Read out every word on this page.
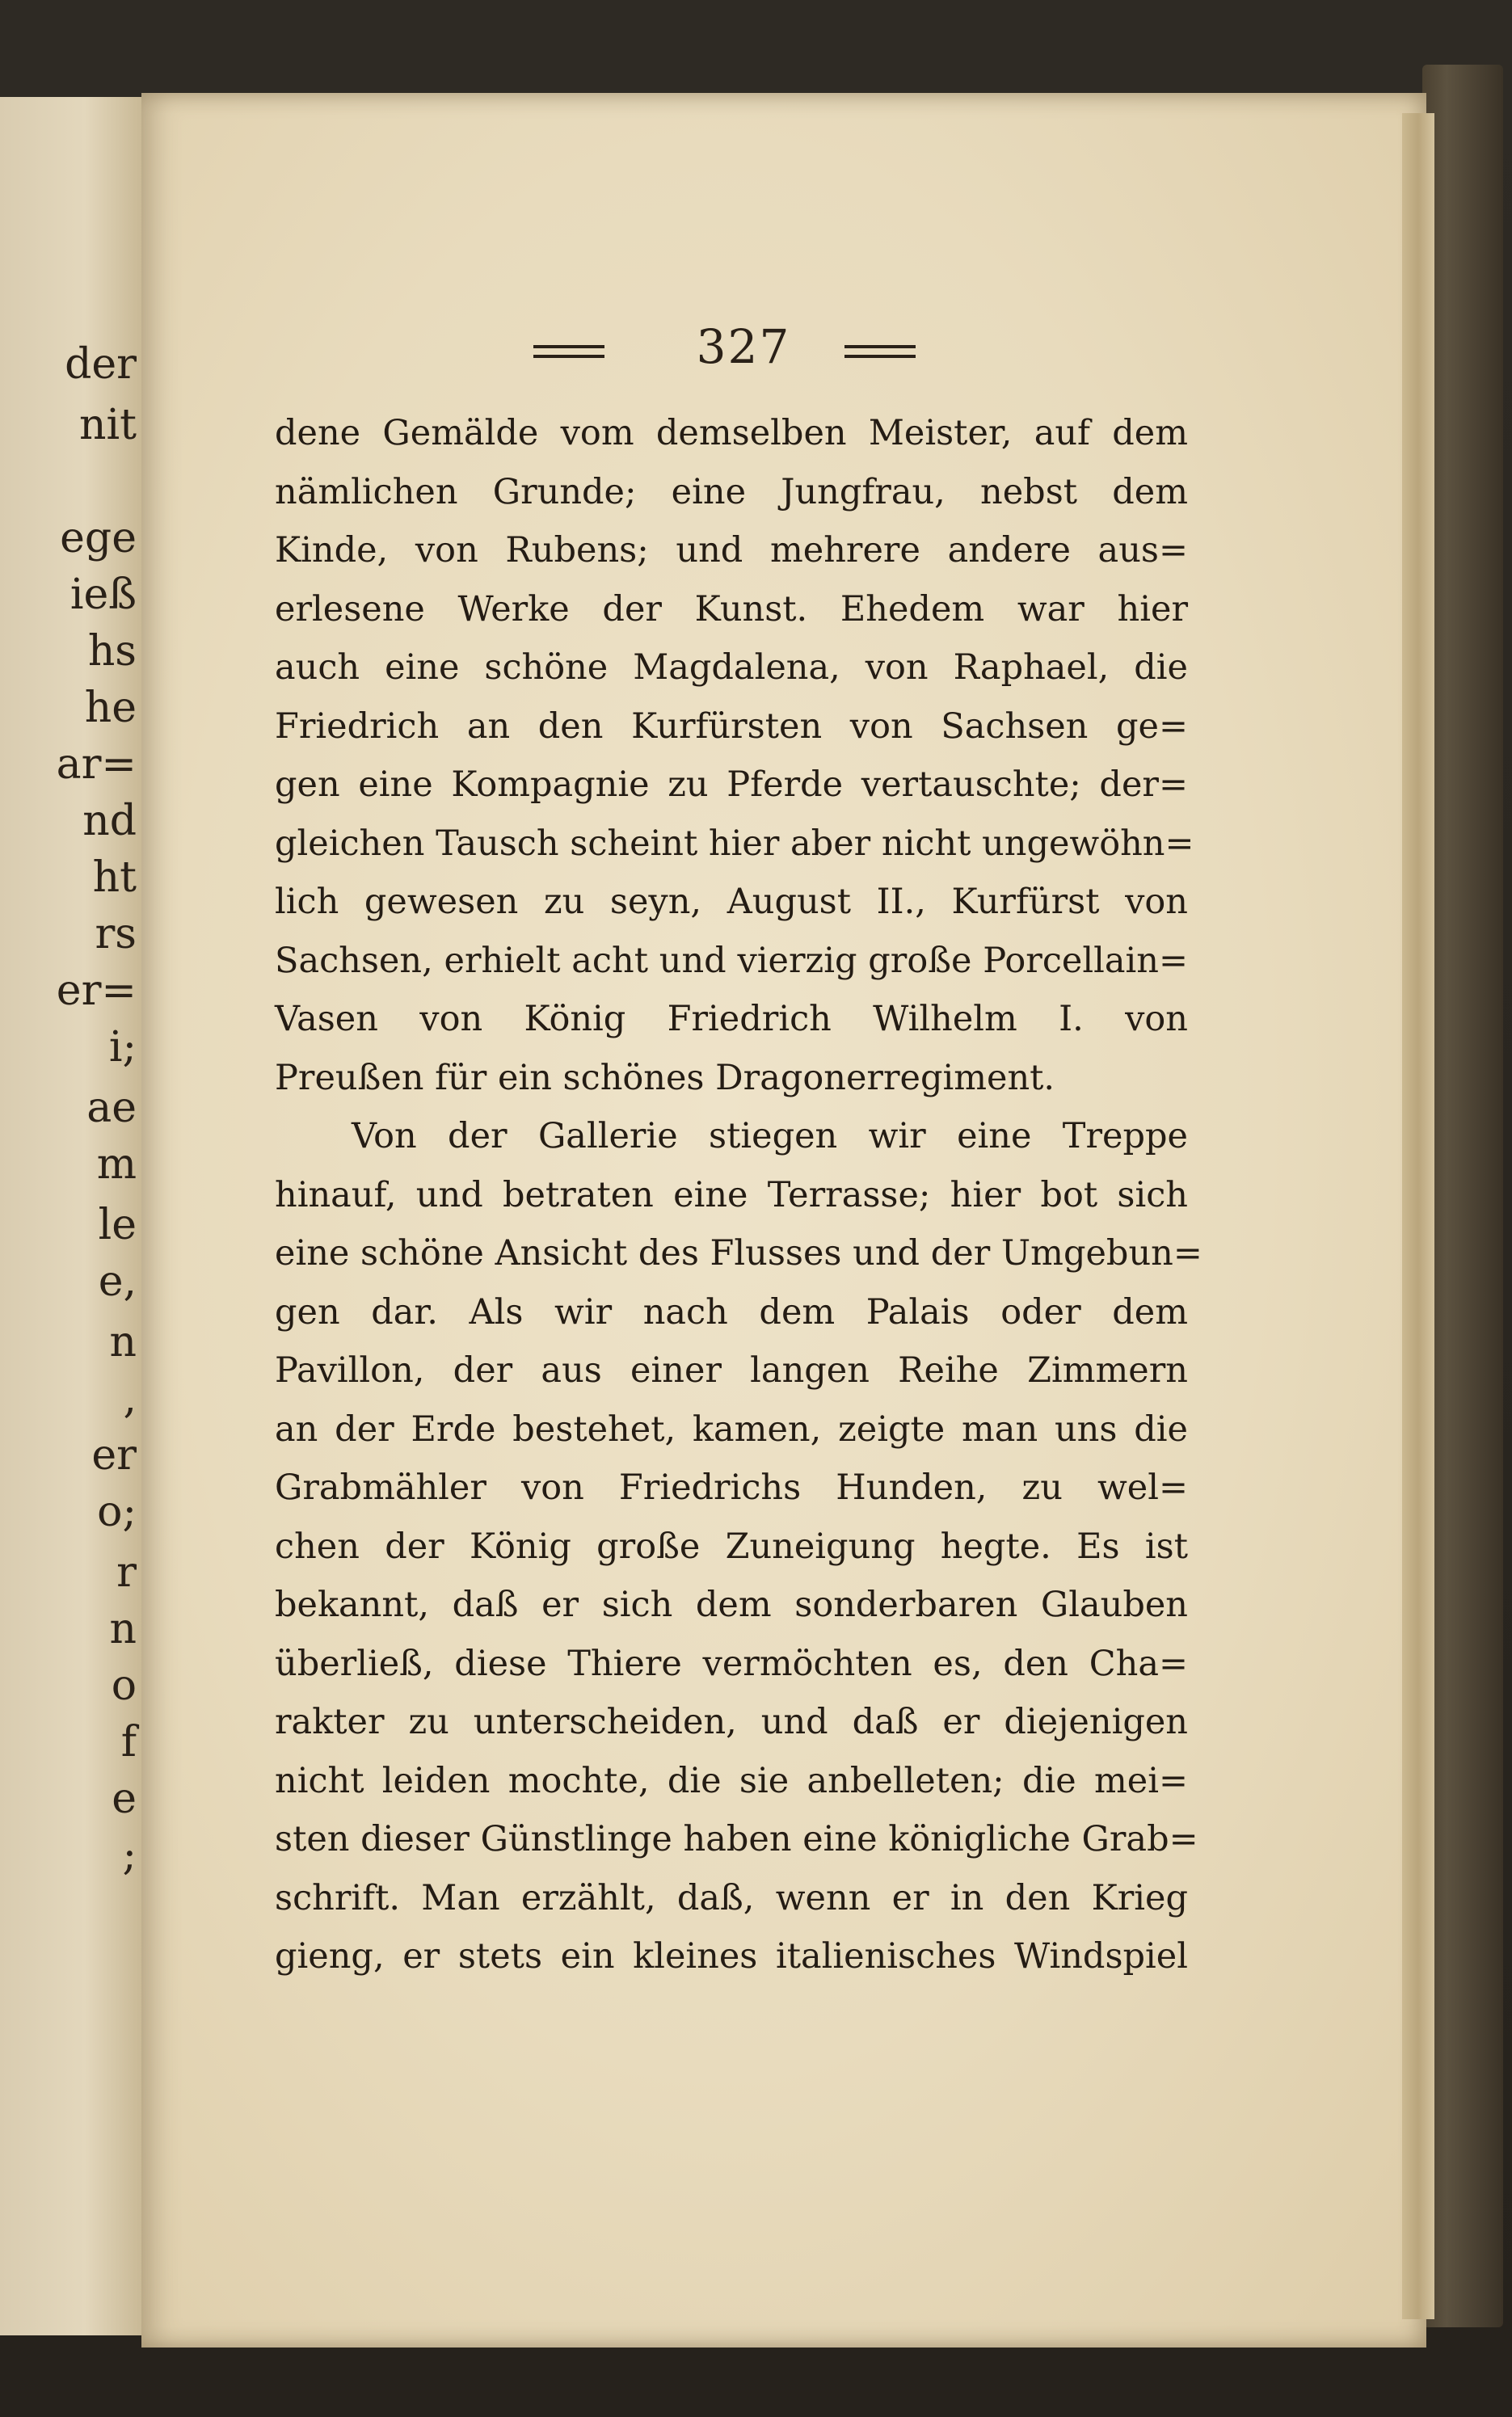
der
nit
ege
ieß
hs
he
ar=
nd
ht
rs
er=
i;
ae
m
le
e,
n
,
er
o;
r
n
o
f
e
;
327
dene Gemälde vom demselben Meister, auf dem
nämlichen Grunde; eine Jungfrau, nebst dem
Kinde, von Rubens; und mehrere andere aus=
erlesene Werke der Kunst. Ehedem war hier
auch eine schöne Magdalena, von Raphael, die
Friedrich an den Kurfürsten von Sachsen ge=
gen eine Kompagnie zu Pferde vertauschte; der=
gleichen Tausch scheint hier aber nicht ungewöhn=
lich gewesen zu seyn, August II., Kurfürst von
Sachsen, erhielt acht und vierzig große Porcellain=
Vasen von König Friedrich Wilhelm I. von
Preußen für ein schönes Dragonerregiment.
Von der Gallerie stiegen wir eine Treppe
hinauf, und betraten eine Terrasse; hier bot sich
eine schöne Ansicht des Flusses und der Umgebun=
gen dar. Als wir nach dem Palais oder dem
Pavillon, der aus einer langen Reihe Zimmern
an der Erde bestehet, kamen, zeigte man uns die
Grabmähler von Friedrichs Hunden, zu wel=
chen der König große Zuneigung hegte. Es ist
bekannt, daß er sich dem sonderbaren Glauben
überließ, diese Thiere vermöchten es, den Cha=
rakter zu unterscheiden, und daß er diejenigen
nicht leiden mochte, die sie anbelleten; die mei=
sten dieser Günstlinge haben eine königliche Grab=
schrift. Man erzählt, daß, wenn er in den Krieg
gieng, er stets ein kleines italienisches Windspiel
